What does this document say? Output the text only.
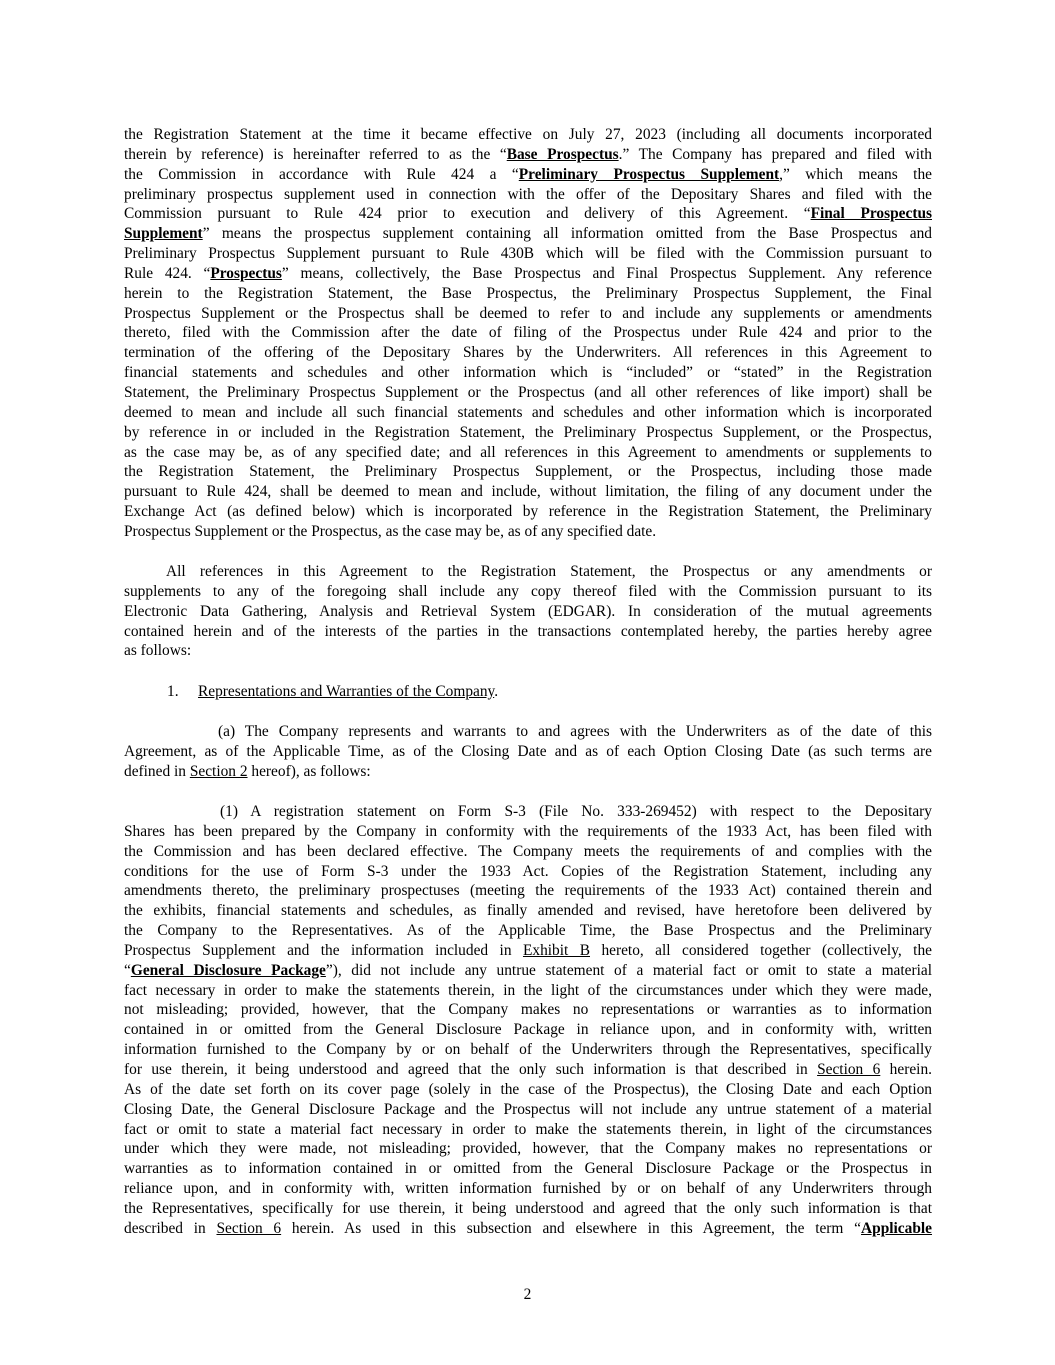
the Registration Statement at the time it became effective on July 27, 2023 (including all documents incorporated
therein by reference) is hereinafter referred to as the “Base Prospectus.” The Company has prepared and filed with
the Commission in accordance with Rule 424 a “Preliminary Prospectus Supplement,” which means the
preliminary prospectus supplement used in connection with the offer of the Depositary Shares and filed with the
Commission pursuant to Rule 424 prior to execution and delivery of this Agreement. “Final Prospectus
Supplement” means the prospectus supplement containing all information omitted from the Base Prospectus and
Preliminary Prospectus Supplement pursuant to Rule 430B which will be filed with the Commission pursuant to
Rule 424. “Prospectus” means, collectively, the Base Prospectus and Final Prospectus Supplement. Any reference
herein to the Registration Statement, the Base Prospectus, the Preliminary Prospectus Supplement, the Final
Prospectus Supplement or the Prospectus shall be deemed to refer to and include any supplements or amendments
thereto, filed with the Commission after the date of filing of the Prospectus under Rule 424 and prior to the
termination of the offering of the Depositary Shares by the Underwriters. All references in this Agreement to
financial statements and schedules and other information which is “included” or “stated” in the Registration
Statement, the Preliminary Prospectus Supplement or the Prospectus (and all other references of like import) shall be
deemed to mean and include all such financial statements and schedules and other information which is incorporated
by reference in or included in the Registration Statement, the Preliminary Prospectus Supplement, or the Prospectus,
as the case may be, as of any specified date; and all references in this Agreement to amendments or supplements to
the Registration Statement, the Preliminary Prospectus Supplement, or the Prospectus, including those made
pursuant to Rule 424, shall be deemed to mean and include, without limitation, the filing of any document under the
Exchange Act (as defined below) which is incorporated by reference in the Registration Statement, the Preliminary
Prospectus Supplement or the Prospectus, as the case may be, as of any specified date.
All references in this Agreement to the Registration Statement, the Prospectus or any amendments or
supplements to any of the foregoing shall include any copy thereof filed with the Commission pursuant to its
Electronic Data Gathering, Analysis and Retrieval System (EDGAR). In consideration of the mutual agreements
contained herein and of the interests of the parties in the transactions contemplated hereby, the parties hereby agree
as follows:
1. Representations and Warranties of the Company.
(a) The Company represents and warrants to and agrees with the Underwriters as of the date of this
Agreement, as of the Applicable Time, as of the Closing Date and as of each Option Closing Date (as such terms are
defined in Section 2 hereof), as follows:
(1) A registration statement on Form S-3 (File No. 333-269452) with respect to the Depositary
Shares has been prepared by the Company in conformity with the requirements of the 1933 Act, has been filed with
the Commission and has been declared effective. The Company meets the requirements of and complies with the
conditions for the use of Form S-3 under the 1933 Act. Copies of the Registration Statement, including any
amendments thereto, the preliminary prospectuses (meeting the requirements of the 1933 Act) contained therein and
the exhibits, financial statements and schedules, as finally amended and revised, have heretofore been delivered by
the Company to the Representatives. As of the Applicable Time, the Base Prospectus and the Preliminary
Prospectus Supplement and the information included in Exhibit B hereto, all considered together (collectively, the
“General Disclosure Package”), did not include any untrue statement of a material fact or omit to state a material
fact necessary in order to make the statements therein, in the light of the circumstances under which they were made,
not misleading; provided, however, that the Company makes no representations or warranties as to information
contained in or omitted from the General Disclosure Package in reliance upon, and in conformity with, written
information furnished to the Company by or on behalf of the Underwriters through the Representatives, specifically
for use therein, it being understood and agreed that the only such information is that described in Section 6 herein.
As of the date set forth on its cover page (solely in the case of the Prospectus), the Closing Date and each Option
Closing Date, the General Disclosure Package and the Prospectus will not include any untrue statement of a material
fact or omit to state a material fact necessary in order to make the statements therein, in light of the circumstances
under which they were made, not misleading; provided, however, that the Company makes no representations or
warranties as to information contained in or omitted from the General Disclosure Package or the Prospectus in
reliance upon, and in conformity with, written information furnished by or on behalf of any Underwriters through
the Representatives, specifically for use therein, it being understood and agreed that the only such information is that
described in Section 6 herein. As used in this subsection and elsewhere in this Agreement, the term “Applicable
2
